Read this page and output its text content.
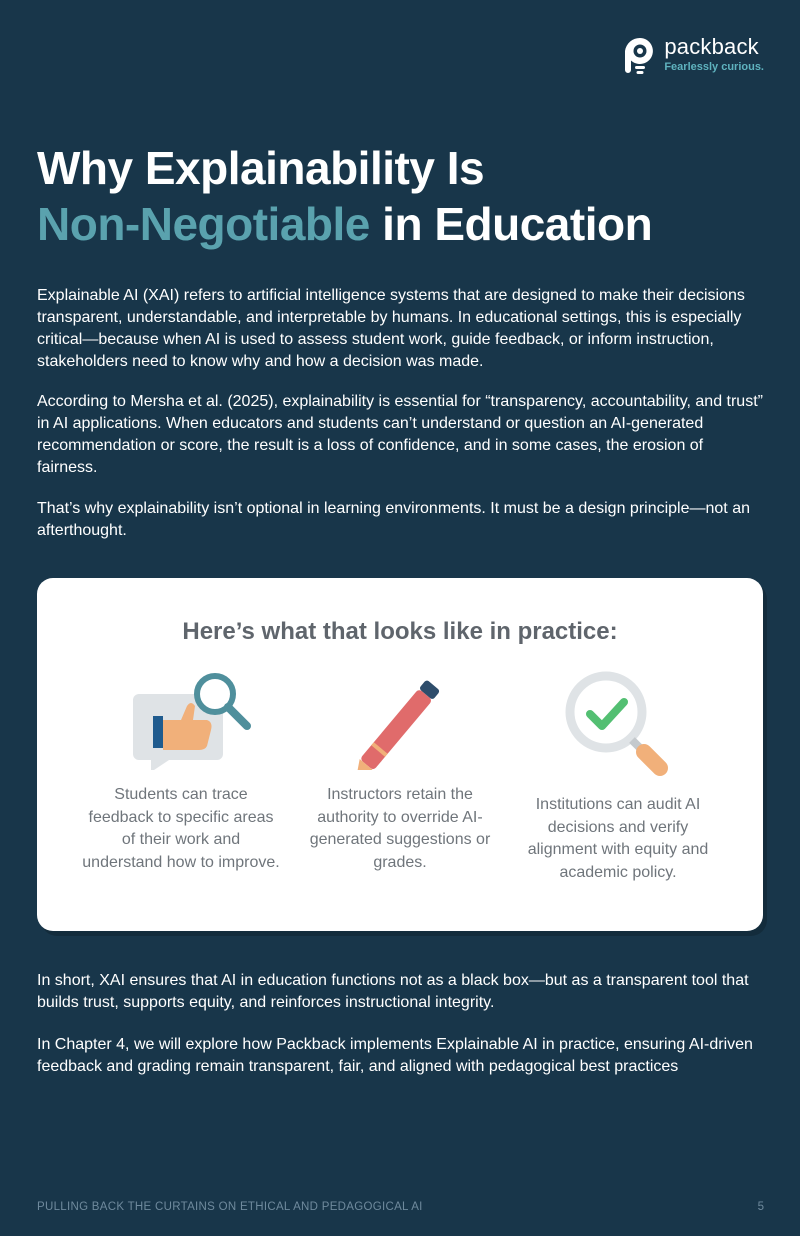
packback
Fearlessly curious.
Why Explainability Is
Non-Negotiable in Education

Explainable AI (XAI) refers to artificial intelligence systems that are designed to make their decisions transparent, understandable, and interpretable by humans. In educational settings, this is especially critical—because when AI is used to assess student work, guide feedback, or inform instruction, stakeholders need to know why and how a decision was made.

According to Mersha et al. (2025), explainability is essential for “transparency, accountability, and trust” in AI applications. When educators and students can’t understand or question an AI-generated recommendation or score, the result is a loss of confidence, and in some cases, the erosion of fairness.

That’s why explainability isn’t optional in learning environments. It must be a design principle—not an afterthought.

Here’s what that looks like in practice:
Students can trace feedback to specific areas of their work and understand how to improve.
Instructors retain the authority to override AI-generated suggestions or grades.
Institutions can audit AI decisions and verify alignment with equity and academic policy.

In short, XAI ensures that AI in education functions not as a black box—but as a transparent tool that builds trust, supports equity, and reinforces instructional integrity.

In Chapter 4, we will explore how Packback implements Explainable AI in practice, ensuring AI-driven feedback and grading remain transparent, fair, and aligned with pedagogical best practices

PULLING BACK THE CURTAINS ON ETHICAL AND PEDAGOGICAL AI	5
